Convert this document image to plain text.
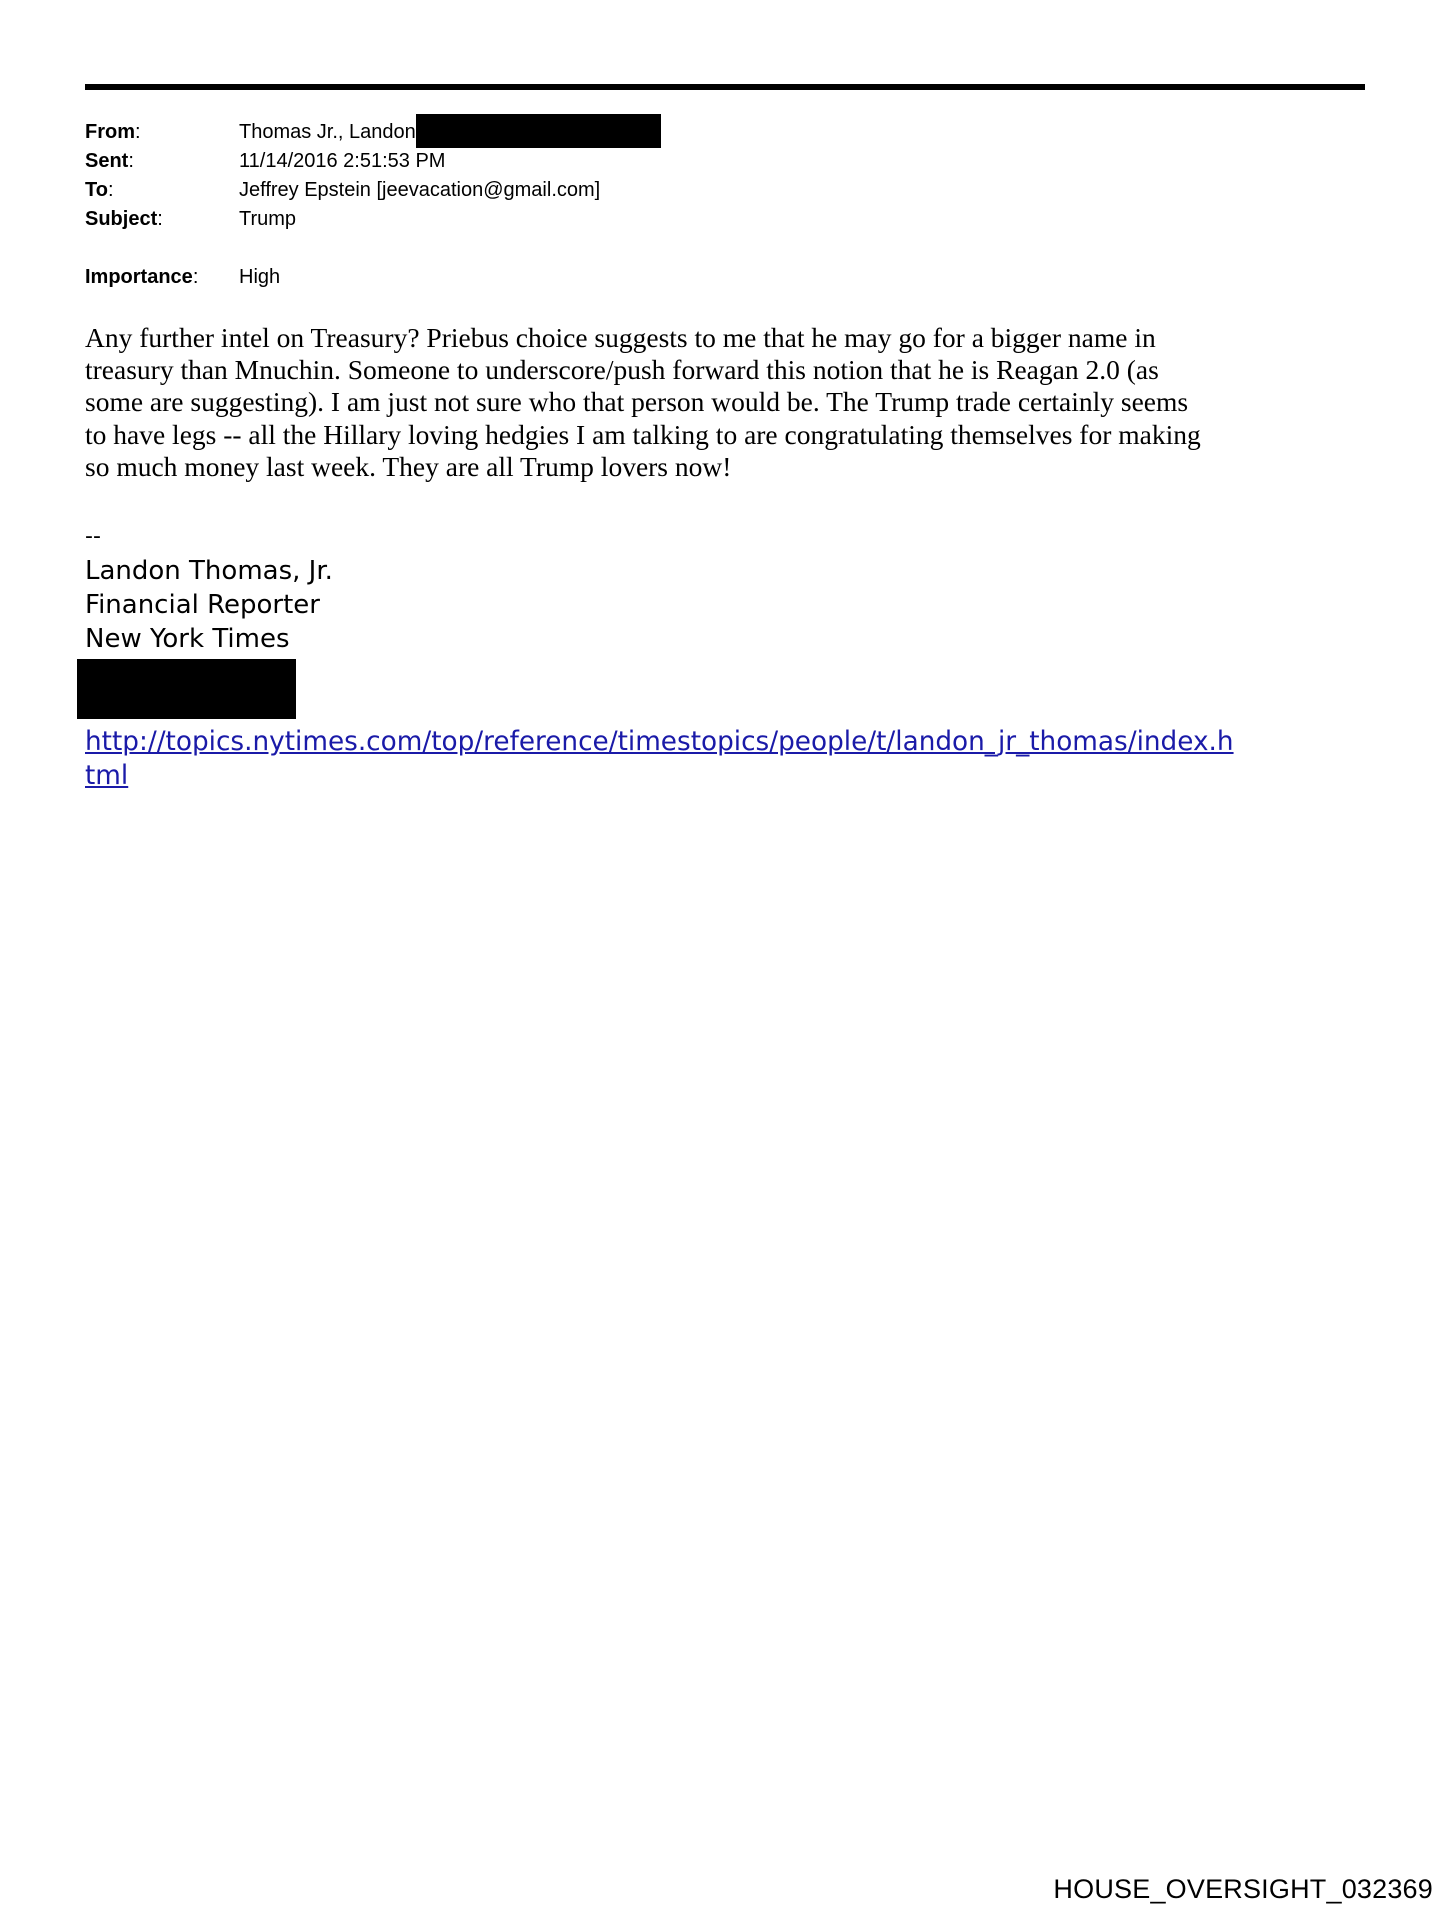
From:	Thomas Jr., Landon
Sent:	11/14/2016 2:51:53 PM
To:	Jeffrey Epstein [jeevacation@gmail.com]
Subject:	Trump
Importance: High
Any further intel on Treasury? Priebus choice suggests to me that he may go for a bigger name in
treasury than Mnuchin. Someone to underscore/push forward this notion that he is Reagan 2.0 (as
some are suggesting). I am just not sure who that person would be. The Trump trade certainly seems
to have legs -- all the Hillary loving hedgies I am talking to are congratulating themselves for making
so much money last week. They are all Trump lovers now!
--
Landon Thomas, Jr.
Financial Reporter
New York Times
http://topics.nytimes.com/top/reference/timestopics/people/t/landon_jr_thomas/index.h
tml
HOUSE_OVERSIGHT_032369
